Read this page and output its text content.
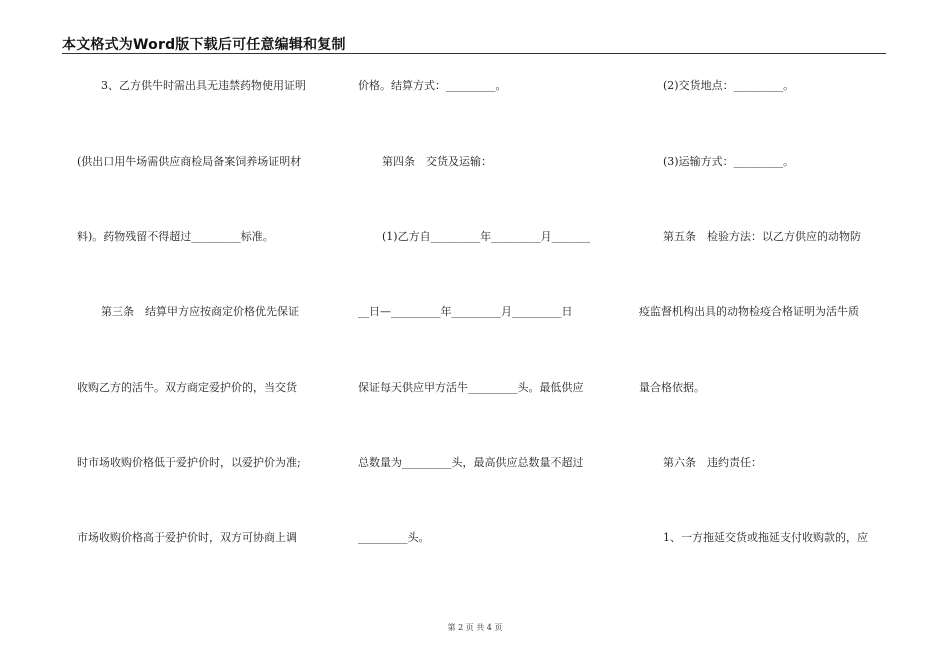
本文格式为Word版下载后可任意编辑和复制
3、乙方供牛时需出具无违禁药物使用证明
(供出口用牛场需供应商检局备案饲养场证明材
料)。药物残留不得超过_________标准。
第三条　结算甲方应按商定价格优先保证
收购乙方的活牛。双方商定爱护价的，当交货
时市场收购价格低于爱护价时，以爱护价为准;
市场收购价格高于爱护价时，双方可协商上调
价格。结算方式：_________。
第四条　交货及运输：
(1)乙方自_________年_________月_______
__日—_________年_________月_________日
保证每天供应甲方活牛_________头。最低供应
总数量为_________头，最高供应总数量不超过
_________头。
(2)交货地点：_________。
(3)运输方式：_________。
第五条　检验方法：以乙方供应的动物防
疫监督机构出具的动物检疫合格证明为活牛质
量合格依据。
第六条　违约责任：
1、一方拖延交货或拖延支付收购款的，应
第 2 页 共 4 页
